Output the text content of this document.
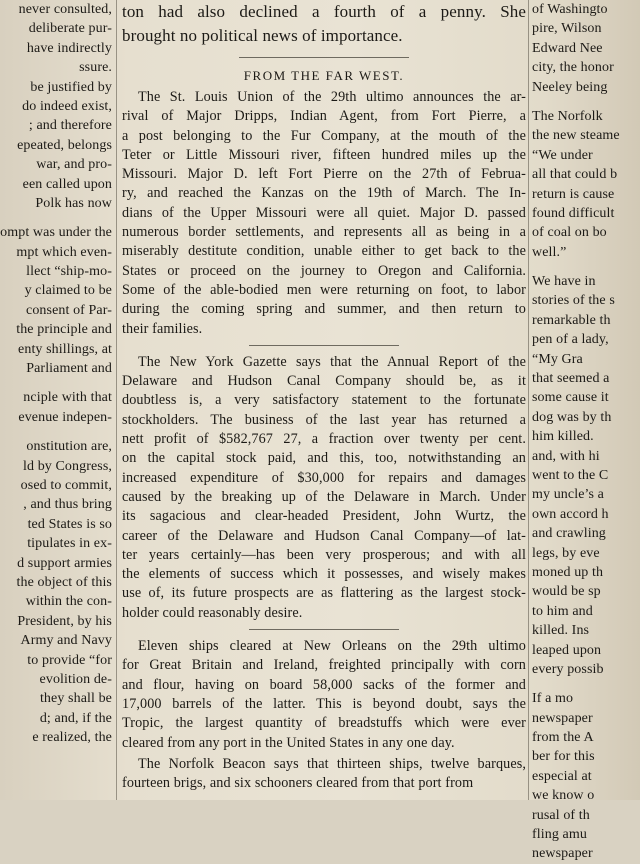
never consulted,
deliberate pur-
have indirectly
ssure.
be justified by
do indeed exist,
; and therefore
epeated, belongs
war, and pro-
een called upon
Polk has now
ompt was under the
mpt which even-
llect “ship-mo-
y claimed to be
consent of Par-
the principle and
enty shillings, at
Parliament and
nciple with that
evenue indepen-
onstitution are,
ld by Congress,
osed to commit,
, and thus bring
ted States is so
tipulates in ex-
d support armies
the object of this
within the con-
President, by his
Army and Navy
to provide “for
evolition de-
they shall be
d; and, if the
e realized, the
ton had also declined a fourth of a penny. She
brought no political news of importance.
FROM THE FAR WEST.
The St. Louis Union of the 29th ultimo announces the ar-
rival of Major Dripps, Indian Agent, from Fort Pierre, a
a post belonging to the Fur Company, at the mouth of the
Teter or Little Missouri river, fifteen hundred miles up the
Missouri. Major D. left Fort Pierre on the 27th of Februa-
ry, and reached the Kanzas on the 19th of March. The In-
dians of the Upper Missouri were all quiet. Major D. passed
numerous border settlements, and represents all as being in a
miserably destitute condition, unable either to get back to the
States or proceed on the journey to Oregon and California.
Some of the able-bodied men were returning on foot, to labor
during the coming spring and summer, and then return to
their families.
The New York Gazette says that the Annual Report of the
Delaware and Hudson Canal Company should be, as it
doubtless is, a very satisfactory statement to the fortunate
stockholders. The business of the last year has returned a
nett profit of $582,767 27, a fraction over twenty per cent.
on the capital stock paid, and this, too, notwithstanding an
increased expenditure of $30,000 for repairs and damages
caused by the breaking up of the Delaware in March. Under
its sagacious and clear-headed President, John Wurtz, the
career of the Delaware and Hudson Canal Company—of lat-
ter years certainly—has been very prosperous; and with all
the elements of success which it possesses, and wisely makes
use of, its future prospects are as flattering as the largest stock-
holder could reasonably desire.
Eleven ships cleared at New Orleans on the 29th ultimo
for Great Britain and Ireland, freighted principally with corn
and flour, having on board 58,000 sacks of the former and
17,000 barrels of the latter. This is beyond doubt, says the
Tropic, the largest quantity of breadstuffs which were ever
cleared from any port in the United States in any one day.
The Norfolk Beacon says that thirteen ships, twelve barques,
fourteen brigs, and six schooners cleared from that port from
of Washingto
pire, Wilson
Edward Nee
city, the honor
Neeley being
The Norfolk
the new steame
“We under
all that could b
return is cause
found difficult
of coal on bo
well.”
We have in
stories of the s
remarkable th
pen of a lady,
“My Gra
that seemed a
some cause it
dog was by th
him killed.
and, with hi
went to the C
my uncle’s a
own accord h
and crawling
legs, by eve
moned up th
would be sp
to him and
killed. Ins
leaped upon
every possib
If a mo
newspaper
from the A
ber for this
especial at
we know o
rusal of th
fling amu
newspaper
